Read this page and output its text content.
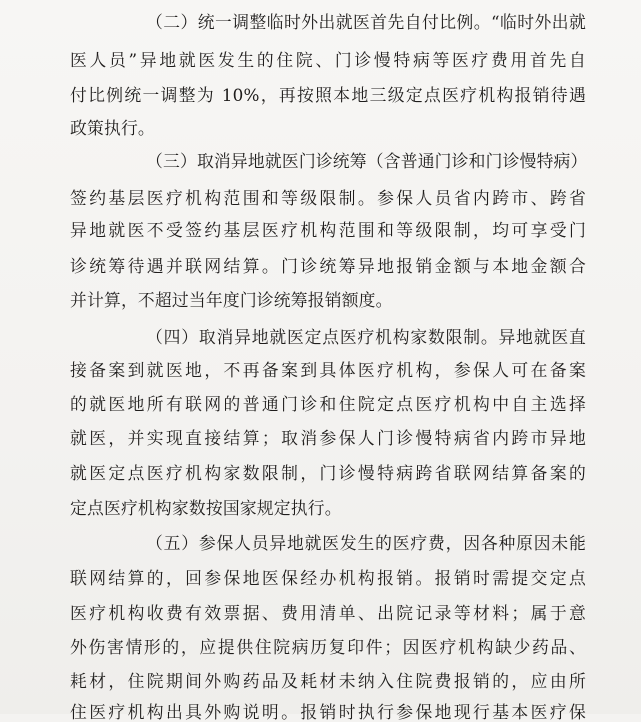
（二）统一调整临时外出就医首先自付比例。“临时外出就
医人员”异地就医发生的住院、门诊慢特病等医疗费用首先自
付比例统一调整为 10%，再按照本地三级定点医疗机构报销待遇
政策执行。
（三）取消异地就医门诊统筹（含普通门诊和门诊慢特病）
签约基层医疗机构范围和等级限制。参保人员省内跨市、跨省
异地就医不受签约基层医疗机构范围和等级限制，均可享受门
诊统筹待遇并联网结算。门诊统筹异地报销金额与本地金额合
并计算，不超过当年度门诊统筹报销额度。
（四）取消异地就医定点医疗机构家数限制。异地就医直
接备案到就医地，不再备案到具体医疗机构，参保人可在备案
的就医地所有联网的普通门诊和住院定点医疗机构中自主选择
就医，并实现直接结算；取消参保人门诊慢特病省内跨市异地
就医定点医疗机构家数限制，门诊慢特病跨省联网结算备案的
定点医疗机构家数按国家规定执行。
（五）参保人员异地就医发生的医疗费，因各种原因未能
联网结算的，回参保地医保经办机构报销。报销时需提交定点
医疗机构收费有效票据、费用清单、出院记录等材料；属于意
外伤害情形的，应提供住院病历复印件；因医疗机构缺少药品、
耗材，住院期间外购药品及耗材未纳入住院费报销的，应由所
住医疗机构出具外购说明。报销时执行参保地现行基本医疗保
